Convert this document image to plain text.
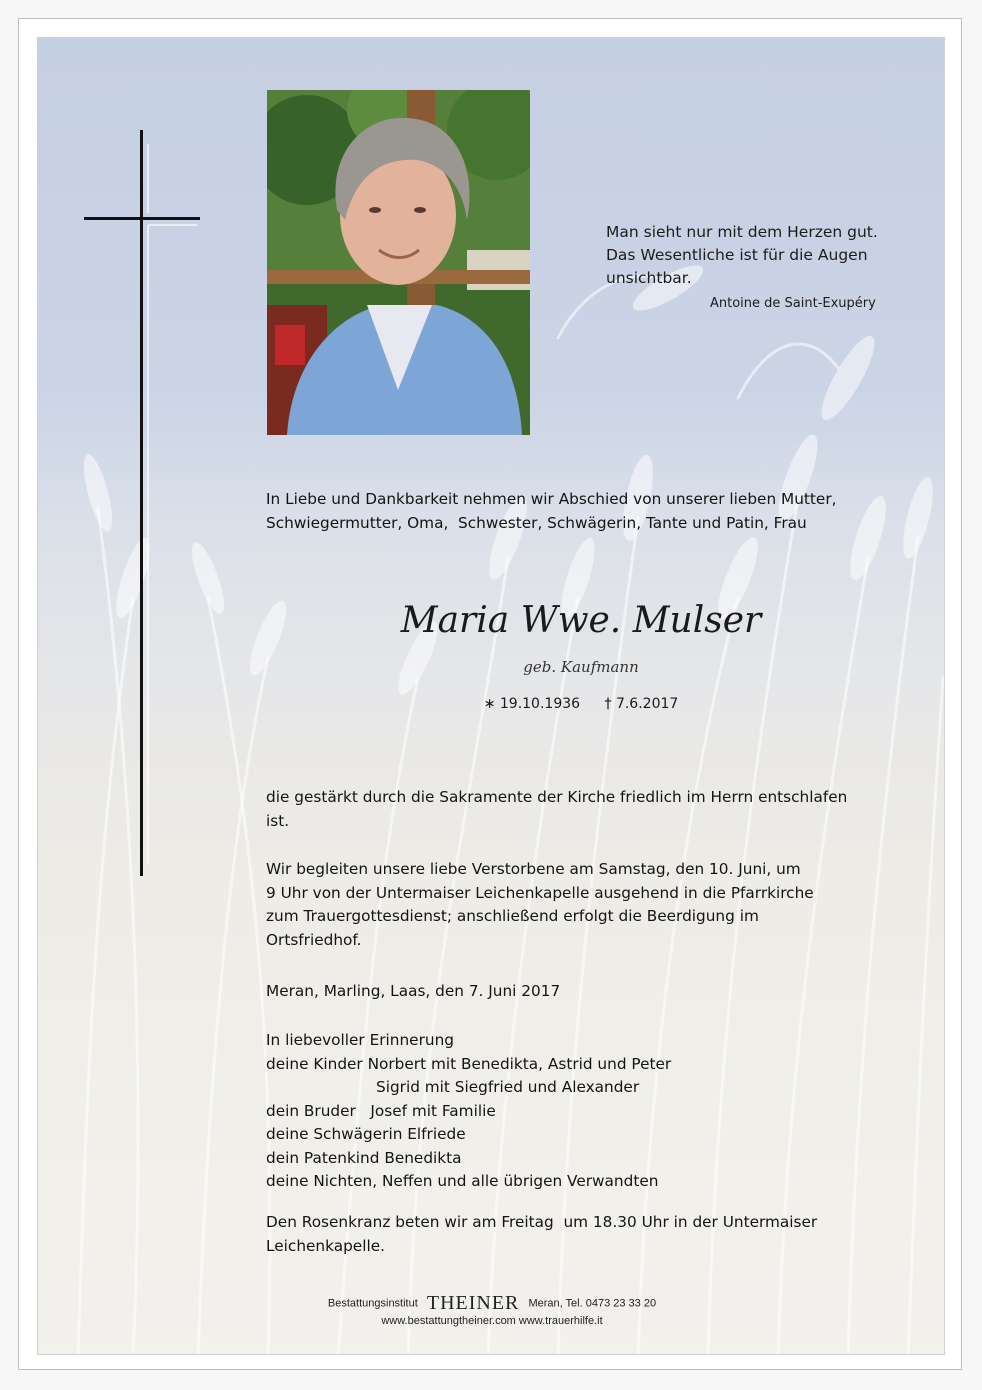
Man sieht nur mit dem Herzen gut.
Das Wesentliche ist für die Augen
unsichtbar.
Antoine de Saint-Exupéry
In Liebe und Dankbarkeit nehmen wir Abschied von unserer lieben Mutter,
Schwiegermutter, Oma,  Schwester, Schwägerin, Tante und Patin, Frau
Maria Wwe. Mulser
geb. Kaufmann
∗ 19.10.1936 † 7.6.2017
die gestärkt durch die Sakramente der Kirche friedlich im Herrn entschlafen
ist.
Wir begleiten unsere liebe Verstorbene am Samstag, den 10. Juni, um
9 Uhr von der Untermaiser Leichenkapelle ausgehend in die Pfarrkirche
zum Trauergottesdienst; anschließend erfolgt die Beerdigung im
Ortsfriedhof.
Meran, Marling, Laas, den 7. Juni 2017
In liebevoller Erinnerung
deine Kinder Norbert mit Benedikta, Astrid und Peter
Sigrid mit Siegfried und Alexander
dein Bruder   Josef mit Familie
deine Schwägerin Elfriede
dein Patenkind Benedikta
deine Nichten, Neffen und alle übrigen Verwandten
Den Rosenkranz beten wir am Freitag  um 18.30 Uhr in der Untermaiser
Leichenkapelle.
Bestattungsinstitut THEINER Meran, Tel. 0473 23 33 20
www.bestattungtheiner.com www.trauerhilfe.it
